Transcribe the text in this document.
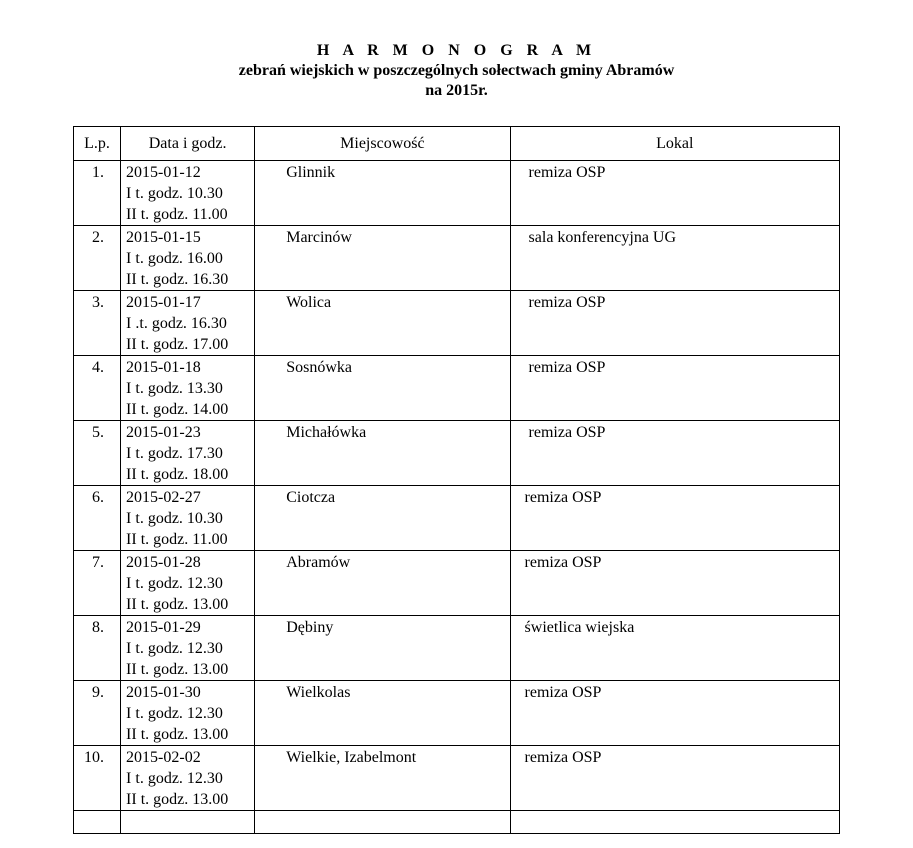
H A R M O N O G R A M
zebrań wiejskich w poszczególnych sołectwach gminy Abramów
na 2015r.
L.p.	Data i godz.	Miejscowość	Lokal
1.	2015-01-12
I t. godz. 10.30
II t. godz. 11.00	Glinnik	remiza OSP
2.	2015-01-15
I t. godz. 16.00
II t. godz. 16.30	Marcinów	sala konferencyjna UG
3.	2015-01-17
I .t. godz. 16.30
II t. godz. 17.00	Wolica	remiza OSP
4.	2015-01-18
I t. godz. 13.30
II t. godz. 14.00	Sosnówka	remiza OSP
5.	2015-01-23
I t. godz. 17.30
II t. godz. 18.00	Michałówka	remiza OSP
6.	2015-02-27
I t. godz. 10.30
II t. godz. 11.00	Ciotcza	remiza OSP
7.	2015-01-28
I t. godz. 12.30
II t. godz. 13.00	Abramów	remiza OSP
8.	2015-01-29
I t. godz. 12.30
II t. godz. 13.00	Dębiny	świetlica wiejska
9.	2015-01-30
I t. godz. 12.30
II t. godz. 13.00	Wielkolas	remiza OSP
10.	2015-02-02
I t. godz. 12.30
II t. godz. 13.00	Wielkie, Izabelmont	remiza OSP
